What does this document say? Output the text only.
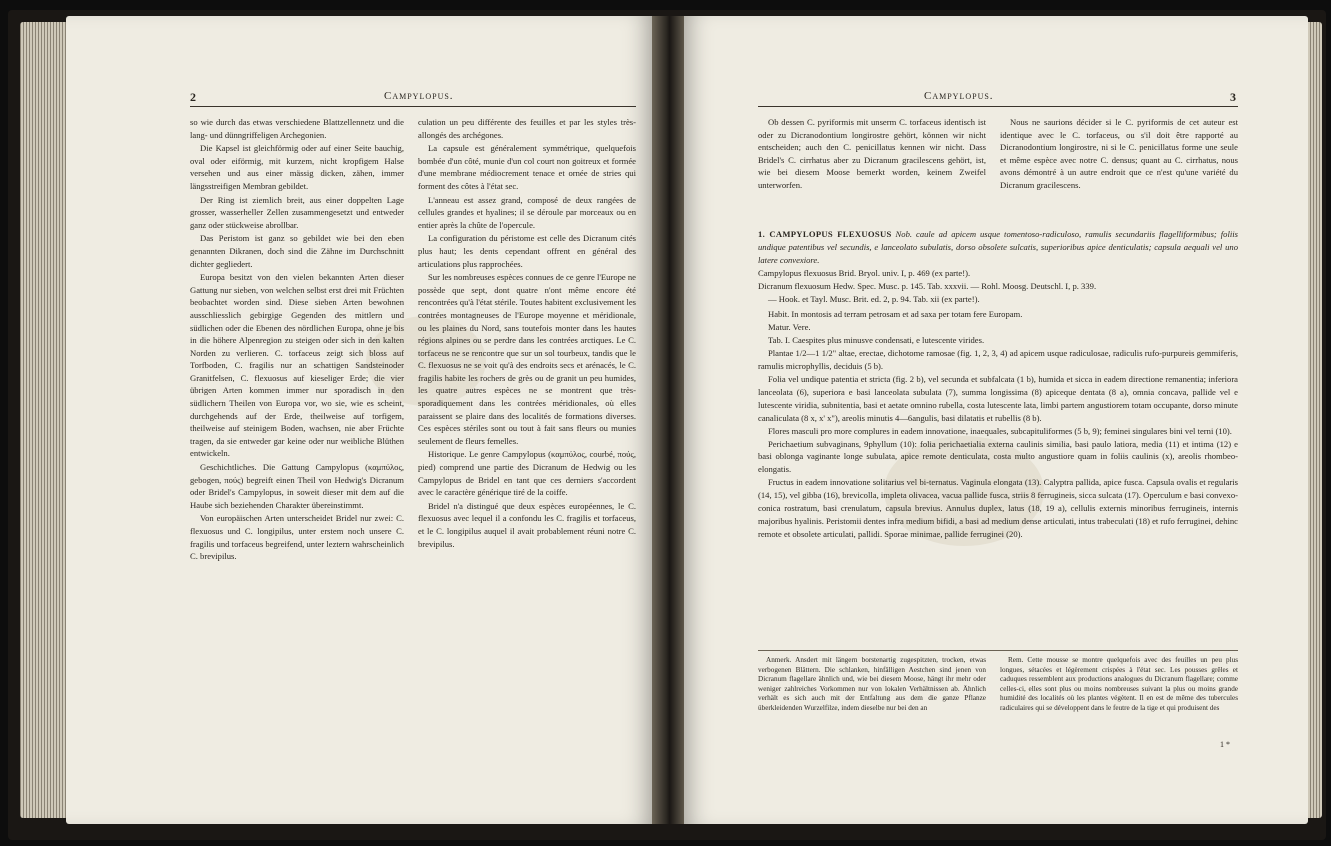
2	Campylopus.

so wie durch das etwas verschiedene Blattzellennetz und die lang- und dünngriffeligen Archegonien.

Die Kapsel ist gleichförmig oder auf einer Seite bauchig, oval oder eiförmig, mit kurzem, nicht kropfigem Halse versehen und aus einer mässig dicken, zähen, immer längsstreifigen Membran gebildet.

Der Ring ist ziemlich breit, aus einer doppelten Lage grosser, wasserheller Zellen zusammengesetzt und entweder ganz oder stückweise abrollbar.

Das Peristom ist ganz so gebildet wie bei den eben genannten Dikranen, doch sind die Zähne im Durchschnitt dichter gegliedert.

Europa besitzt von den vielen bekannten Arten dieser Gattung nur sieben, von welchen selbst erst drei mit Früchten beobachtet worden sind. Diese sieben Arten bewohnen ausschliesslich gebirgige Gegenden des mittlern und südlichen oder die Ebenen des nördlichen Europa, ohne je bis in die höhere Alpenregion zu steigen oder sich in den kalten Norden zu verlieren. C. torfaceus zeigt sich bloss auf Torfboden, C. fragilis nur an schattigen Sandsteinoder Granitfelsen, C. flexuosus auf kieseliger Erde; die vier übrigen Arten kommen immer nur sporadisch in den südlichern Theilen von Europa vor, wo sie, wie es scheint, durchgehends auf der Erde, theilweise auf torfigem, theilweise auf steinigem Boden, wachsen, nie aber Früchte tragen, da sie entweder gar keine oder nur weibliche Blüthen entwickeln.

Geschichtliches. Die Gattung Campylopus (καμπύλος, gebogen, πούς) begreift einen Theil von Hedwig's Dicranum oder Bridel's Campylopus, in soweit dieser mit dem auf die Haube sich beziehenden Charakter übereinstimmt.

Von europäischen Arten unterscheidet Bridel nur zwei: C. flexuosus und C. longipilus, unter erstem noch unsere C. fragilis und torfaceus begreifend, unter leztern wahrscheinlich C. brevipilus.

culation un peu différente des feuilles et par les styles très-allongés des archégones.

La capsule est généralement symmétrique, quelquefois bombée d'un côté, munie d'un col court non goitreux et formée d'une membrane médiocrement tenace et ornée de stries qui forment des côtes à l'état sec.

L'anneau est assez grand, composé de deux rangées de cellules grandes et hyalines; il se déroule par morceaux ou en entier après la chûte de l'opercule.

La configuration du péristome est celle des Dicranum cités plus haut; les dents cependant offrent en général des articulations plus rapprochées.

Sur les nombreuses espèces connues de ce genre l'Europe ne possède que sept, dont quatre n'ont même encore été rencontrées qu'à l'état stérile. Toutes habitent exclusivement les contrées montagneuses de l'Europe moyenne et méridionale, ou les plaines du Nord, sans toutefois monter dans les hautes régions alpines ou se perdre dans les contrées arctiques. Le C. torfaceus ne se rencontre que sur un sol tourbeux, tandis que le C. flexuosus ne se voit qu'à des endroits secs et arénacés, le C. fragilis habite les rochers de grès ou de granit un peu humides, les quatre autres espèces ne se montrent que très-sporadiquement dans les contrées méridionales, où elles paraissent se plaire dans des localités de formations diverses. Ces espèces stériles sont ou tout à fait sans fleurs ou munies seulement de fleurs femelles.

Historique. Le genre Campylopus (καμπύλος, courbé, πούς, pied) comprend une partie des Dicranum de Hedwig ou les Campylopus de Bridel en tant que ces derniers s'accordent avec le caractère générique tiré de la coiffe.

Bridel n'a distingué que deux espèces européennes, le C. flexuosus avec lequel il a confondu les C. fragilis et torfaceus, et le C. longipilus auquel il avait probablement réuni notre C. brevipilus.

Campylopus.	3

Ob dessen C. pyriformis mit unserm C. torfaceus identisch ist oder zu Dicranodontium longirostre gehört, können wir nicht entscheiden; auch den C. penicillatus kennen wir nicht. Dass Bridel's C. cirrhatus aber zu Dicranum gracilescens gehört, ist, wie bei diesem Moose bemerkt worden, keinem Zweifel unterworfen.

Nous ne saurions décider si le C. pyriformis de cet auteur est identique avec le C. torfaceus, ou s'il doit être rapporté au Dicranodontium longirostre, ni si le C. penicillatus forme une seule et même espèce avec notre C. densus; quant au C. cirrhatus, nous avons démontré à un autre endroit que ce n'est qu'une variété du Dicranum gracilescens.

1. CAMPYLOPUS FLEXUOSUS Nob. caule ad apicem usque tomentoso-radiculoso, ramulis secundariis flagelliformibus; foliis undique patentibus vel secundis, e lanceolato subulatis, dorso obsolete sulcatis, superioribus apice denticulatis; capsula aequali vel uno latere convexiore.

Campylopus flexuosus Brid. Bryol. univ. I, p. 469 (ex parte!).

Dicranum flexuosum Hedw. Spec. Musc. p. 145. Tab. xxxvii. — Rohl. Moosg. Deutschl. I, p. 339.

— Hook. et Tayl. Musc. Brit. ed. 2, p. 94. Tab. xii (ex parte!).

Habit. In montosis ad terram petrosam et ad saxa per totam fere Europam.

Matur. Vere.

Tab. I. Caespites plus minusve condensati, e lutescente virides.

Plantae 1/2—1 1/2" altae, erectae, dichotome ramosae (fig. 1, 2, 3, 4) ad apicem usque radiculosae, radiculis rufo-purpureis gemmiferis, ramulis microphyllis, deciduis (5 b).

Folia vel undique patentia et stricta (fig. 2 b), vel secunda et subfalcata (1 b), humida et sicca in eadem directione remanentia; inferiora lanceolata (6), superiora e basi lanceolata subulata (7), summa longissima (8) apiceque dentata (8 a), omnia concava, pallide vel e lutescente viridia, subnitentia, basi et aetate omnino rubella, costa lutescente lata, limbi partem angustiorem totam occupante, dorso minute canaliculata (8 x, x' x"), areolis minutis 4—6angulis, basi dilatatis et rubellis (8 b).

Flores masculi pro more complures in eadem innovatione, inaequales, subcapituliformes (5 b, 9); feminei singulares bini vel terni (10).

Perichaetium subvaginans, 9phyllum (10): folia perichaetialia externa caulinis similia, basi paulo latiora, media (11) et intima (12) e basi oblonga vaginante longe subulata, apice remote denticulata, costa multo angustiore quam in foliis caulinis (x), areolis rhombeo-elongatis.

Fructus in eadem innovatione solitarius vel bi-ternatus. Vaginula elongata (13). Calyptra pallida, apice fusca. Capsula ovalis et regularis (14, 15), vel gibba (16), brevicolla, impleta olivacea, vacua pallide fusca, striis 8 ferrugineis, sicca sulcata (17). Operculum e basi convexo-conica rostratum, basi crenulatum, capsula brevius. Annulus duplex, latus (18, 19 a), cellulis externis minoribus ferrugineis, internis majoribus hyalinis. Peristomii dentes infra medium bifidi, a basi ad medium dense articulati, intus trabeculati (18) et rufo ferruginei, dehinc remote et obsolete articulati, pallidi. Sporae minimae, pallide ferruginei (20).

Anmerk. Ansdert mit längern borstenartig zugespitzten, trocken, etwas verbogenen Blättern. Die schlanken, hinfälligen Aestchen sind jenen von Dicranum flagellare ähnlich und, wie bei diesem Moose, hängt ihr mehr oder weniger zahlreiches Vorkommen nur von lokalen Verhältnissen ab. Ähnlich verhält es sich auch mit der Entfaltung aus dem die ganze Pflanze überkleidenden Wurzelfilze, indem dieselbe nur bei den an

Rem. Cette mousse se montre quelquefois avec des feuilles un peu plus longues, sétacées et légèrement crispées à l'état sec. Les pousses grêles et caduques ressemblent aux productions analogues du Dicranum flagellare; comme celles-ci, elles sont plus ou moins nombreuses suivant la plus ou moins grande humidité des localités où les plantes végètent. Il en est de même des tubercules radiculaires qui se développent dans le feutre de la tige et qui produisent des

1 *
